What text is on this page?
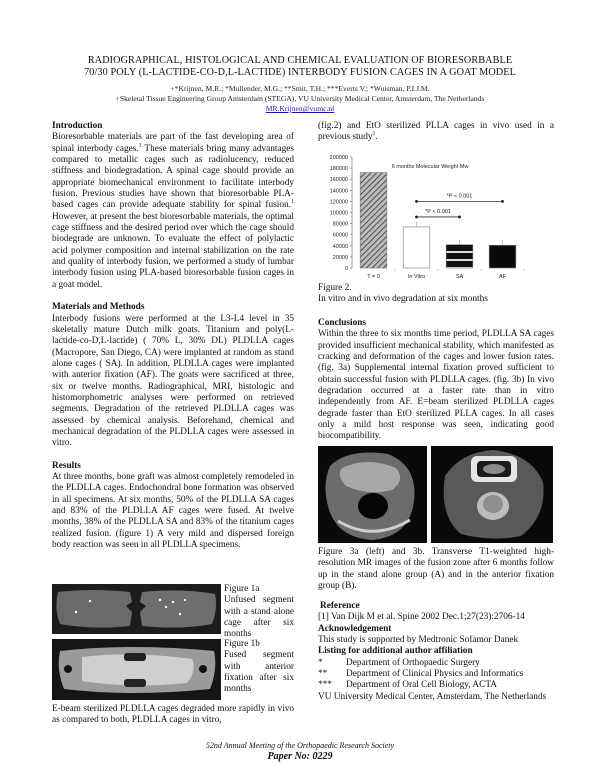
RADIOGRAPHICAL, HISTOLOGICAL AND CHEMICAL EVALUATION OF BIORESORBABLE
70/30 POLY (L-LACTIDE-CO-D,L-LACTIDE) INTERBODY FUSION CAGES IN A GOAT MODEL
+*Krijnen, M.R.; *Mullender, M.G.; **Smit, T.H.; ***Everts V.; *Wuisman, P.I.J.M.
+Skeletal Tissue Engineering Group Amsterdam (STEGA), VU University Medical Center, Amsterdam, The Netherlands
MR.Krijnen@vumc.nl
Introduction

Bioresorbable materials are part of the fast developing area of spinal interbody cages.$^1$ These materials bring many advantages compared to metallic cages such as radiolucency, reduced stiffness and biodegradation. A spinal cage should provide an appropriate biomechanical environment to facilitate interbody fusion. Previous studies have shown that bioresorbable PLA-based cages can provide adequate stability for spinal fusion.$^1$ However, at present the best bioresorbable materials, the optimal cage stiffness and the desired period over which the cage should biodegrade are unknown. To evaluate the effect of polylactic acid polymer composition and internal stabilization on the rate and quality of interbody fusion, we performed a study of lumbar interbody fusion using PLA-based bioresorbable fusion cages in a goat model.

Materials and Methods

Interbody fusions were performed at the L3-L4 level in 35 skeletally mature Dutch milk goats. Titanium and poly(L-lactide-co-D,L-lactide) ( 70% L, 30% DL) PLDLLA cages (Macropore, San Diego, CA) were implanted at random as stand alone cages ( SA). In addition, PLDLLA cages were implanted with anterior fixation (AF). The goats were sacrificed at three, six or twelve months. Radiographical, MRI, histologic and histomorphometric analyses were performed on retrieved segments. Degradation of the retrieved PLDLLA cages was assessed by chemical analysis. Beforehand, chemical and mechanical degradation of the PLDLLA cages were assessed in vitro.

Results

At three months, bone graft was almost completely remodeled in the PLDLLA cages. Endochondral bone formation was observed in all specimens. At six months, 50% of the PLDLLA SA cages and 83% of the PLDLLA AF cages were fused. At twelve months, 38% of the PLDLLA SA and 83% of the titanium cages realized fusion. (figure 1) A very mild and dispersed foreign body reaction was seen in all PLDLLA specimens.

Figure 1a
Unfused segment with a stand alone cage after six months
Figure 1b
Fused segment with anterior fixation after six months
E-beam sterilized PLDLLA cages degraded more rapidly in vivo as compared to both, PLDLLA cages in vitro,
(fig.2) and EtO sterilized PLLA cages in vivo used in a previous study$^1$.
0
20000
40000
60000
80000
100000
120000
140000
160000
180000
200000
T = 0	In Vitro	SA	AF
*P < 0.001
*P < 0.001
6 months Molecular Weight Mw
Figure 2.
In vitro and in vivo degradation at six months
Conclusions

Within the three to six months time period, PLDLLA SA cages provided insufficient mechanical stability, which manifested as cracking and deformation of the cages and lower fusion rates.(fig. 3a) Supplemental internal fixation proved sufficient to obtain successful fusion with PLDLLA cages. (fig. 3b) In vivo degradation occurred at a faster rate than in vitro independently from AF. E=beam sterilized PLDLLA cages degrade faster than EtO sterilized PLLA cages. In all cases only a mild host response was seen, indicating good biocompatibility.

Figure 3a (left) and 3b. Transverse T1-weighted high-resolution MR images of the fusion zone after 6 months follow up in the stand alone group (A) and in the anterior fixation group (B).
Reference
[1] Van Dijk M et al. Spine 2002 Dec.1;27(23):2706-14
Acknowledgement
This study is supported by Medtronic Sofamor Danek
Listing for additional author affiliation
*	Department of Orthopaedic Surgery
**	Department of Clinical Physics and Informatics
***	Department of Oral Cell Biology, ACTA
VU University Medical Center, Amsterdam, The Netherlands
52nd Annual Meeting of the Orthopaedic Research Society
Paper No: 0229
